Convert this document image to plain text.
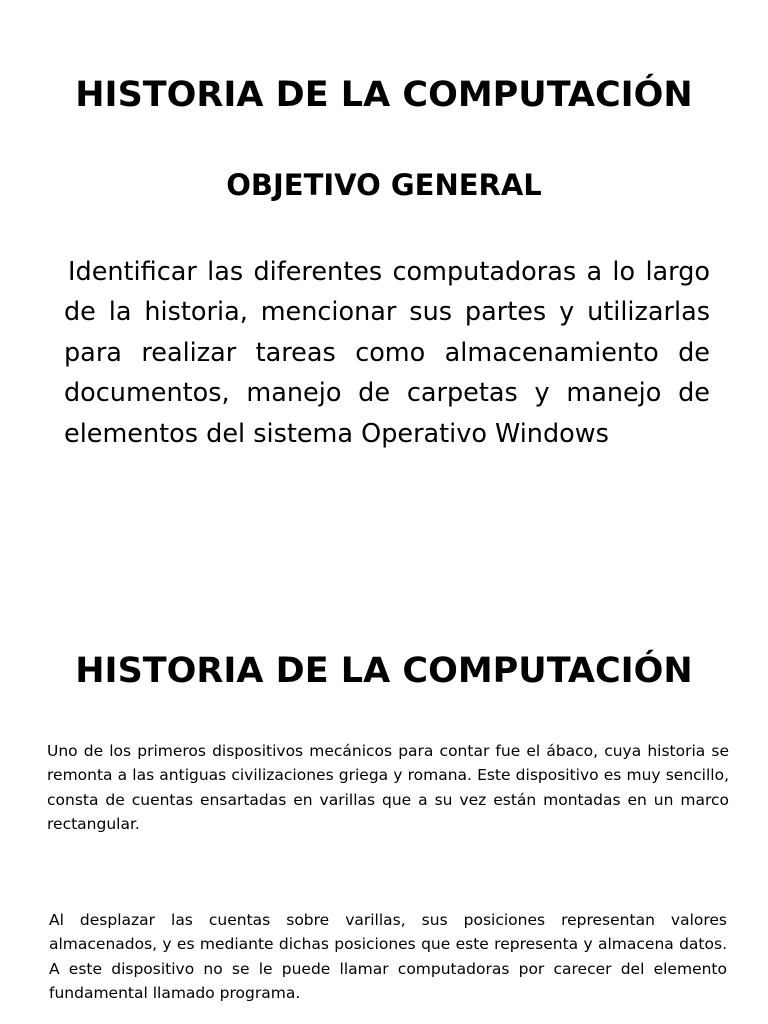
HISTORIA DE LA COMPUTACIÓN
OBJETIVO GENERAL

Identificar las diferentes computadoras a lo largo de la historia, mencionar sus partes y utilizarlas para realizar tareas como almacenamiento de documentos, manejo de carpetas y manejo de elementos del sistema Operativo Windows

HISTORIA DE LA COMPUTACIÓN

Uno de los primeros dispositivos mecánicos para contar fue el ábaco, cuya historia se remonta a las antiguas civilizaciones griega y romana. Este dispositivo es muy sencillo, consta de cuentas ensartadas en varillas que a su vez están montadas en un marco rectangular.

Al desplazar las cuentas sobre varillas, sus posiciones representan valores almacenados, y es mediante dichas posiciones que este representa y almacena datos. A este dispositivo no se le puede llamar computadoras por carecer del elemento fundamental llamado programa.
